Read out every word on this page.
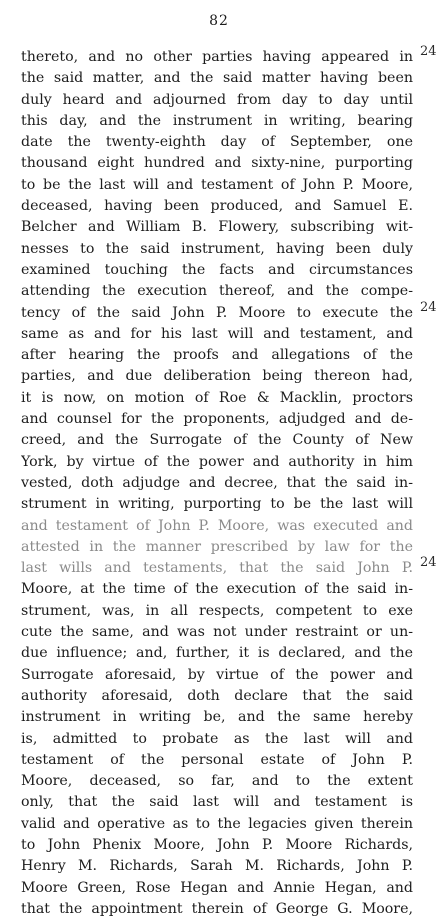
82
thereto, and no other parties having appeared in
the said matter, and the said matter having been
duly heard and adjourned from day to day until
this day, and the instrument in writing, bearing
date the twenty-eighth day of September, one
thousand eight hundred and sixty-nine, purporting
to be the last will and testament of John P. Moore,
deceased, having been produced, and Samuel E.
Belcher and William B. Flowery, subscribing wit-
nesses to the said instrument, having been duly
examined touching the facts and circumstances
attending the execution thereof, and the compe-
tency of the said John P. Moore to execute the
same as and for his last will and testament, and
after hearing the proofs and allegations of the
parties, and due deliberation being thereon had,
it is now, on motion of Roe & Macklin, proctors
and counsel for the proponents, adjudged and de-
creed, and the Surrogate of the County of New
York, by virtue of the power and authority in him
vested, doth adjudge and decree, that the said in-
strument in writing, purporting to be the last will
and testament of John P. Moore, was executed and
attested in the manner prescribed by law for the
last wills and testaments, that the said John P.
Moore, at the time of the execution of the said in-
strument, was, in all respects, competent to exe
cute the same, and was not under restraint or un-
due influence; and, further, it is declared, and the
Surrogate aforesaid, by virtue of the power and
authority aforesaid, doth declare that the said
instrument in writing be, and the same hereby
is, admitted to probate as the last will and
testament of the personal estate of John P.
Moore, deceased, so far, and to the extent
only, that the said last will and testament is
valid and operative as to the legacies given therein
to John Phenix Moore, John P. Moore Richards,
Henry M. Richards, Sarah M. Richards, John P.
Moore Green, Rose Hegan and Annie Hegan, and
that the appointment therein of George G. Moore,
24
24
24
